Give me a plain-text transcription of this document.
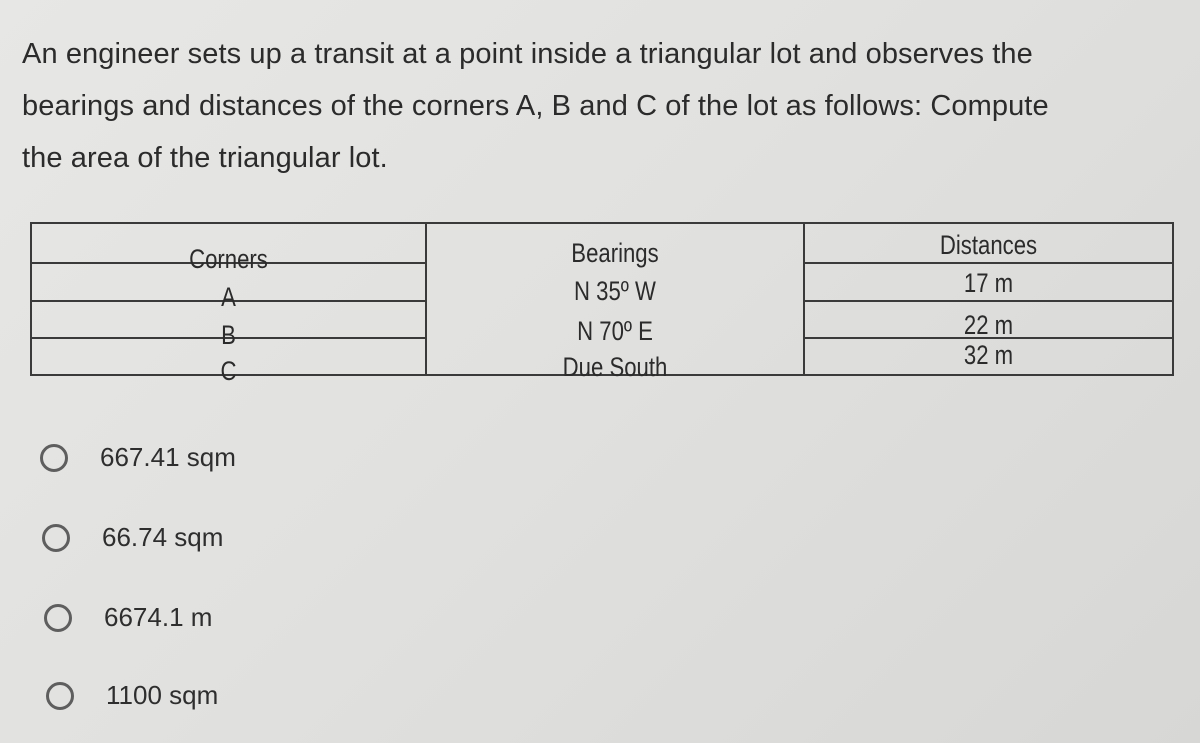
An engineer sets up a transit at a point inside a triangular lot and observes the
bearings and distances of the corners A, B and C of the lot as follows: Compute
the area of the triangular lot.
Corners
A
B
C
Bearings
N 35º W
N 70º E
Due South
Distances
17 m
22 m
32 m
667.41 sqm
66.74 sqm
6674.1 m
1100 sqm
